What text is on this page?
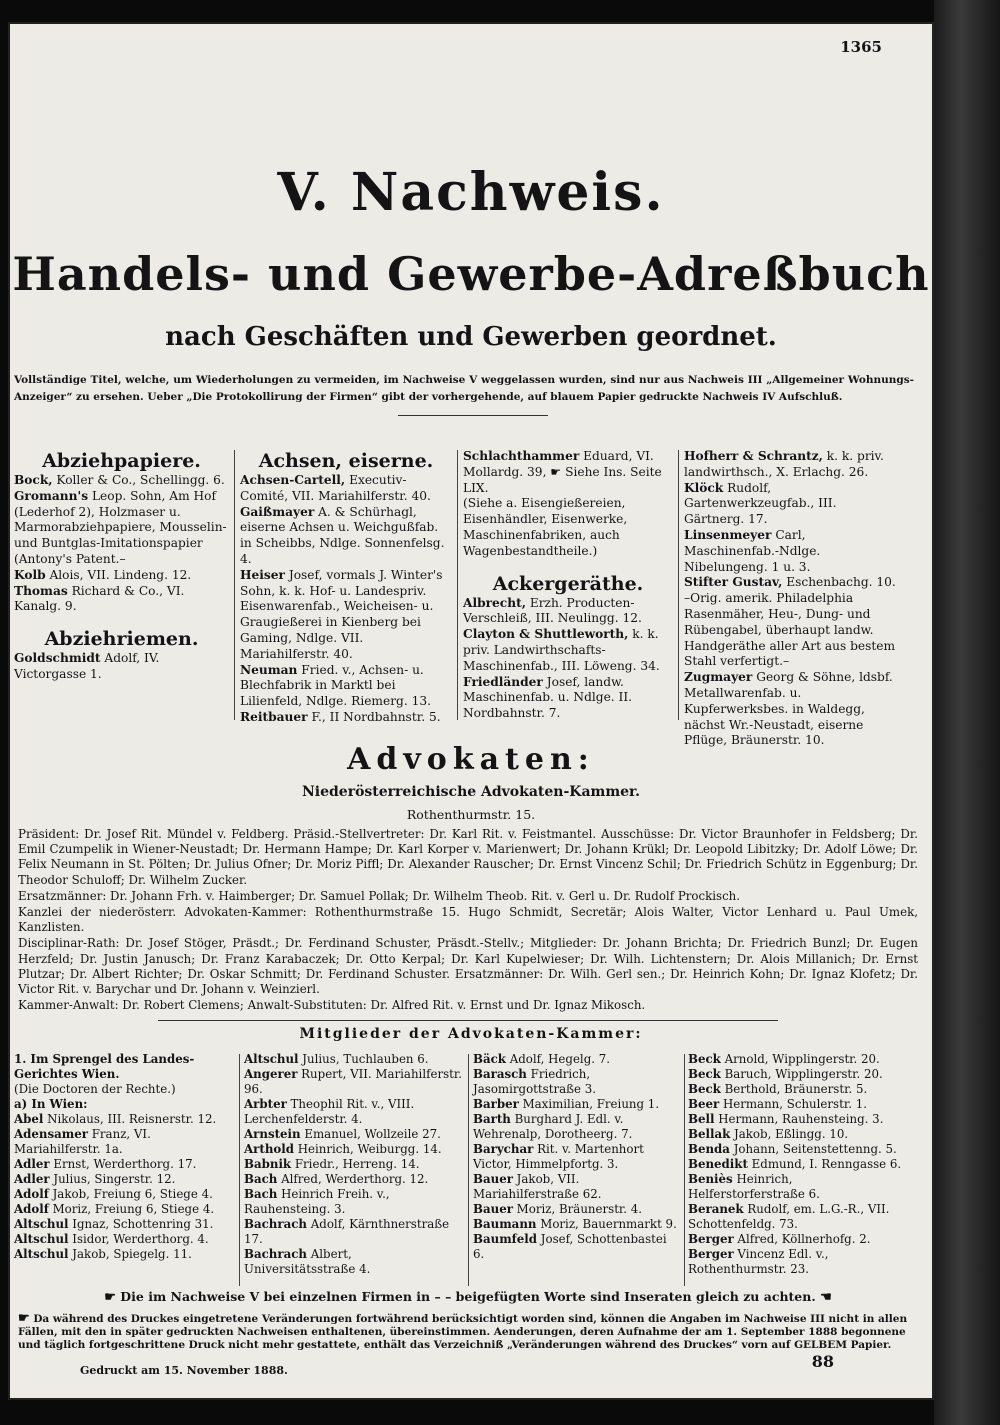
1365
V. Nachweis.
Handels- und Gewerbe-Adreßbuch
nach Geschäften und Gewerben geordnet.
Vollständige Titel, welche, um Wiederholungen zu vermeiden, im Nachweise V weggelassen wurden, sind nur aus Nachweis III „Allgemeiner Wohnungs-Anzeiger“ zu ersehen. Ueber „Die Protokollirung der Firmen“ gibt der vorhergehende, auf blauem Papier gedruckte Nachweis IV Aufschluß.
Abziehpapiere.

Bock, Koller & Co., Schellingg. 6.

Gromann's Leop. Sohn, Am Hof (Lederhof 2), Holzmaser u. Marmorabziehpapiere, Mousselin- und Buntglas-Imitationspapier (Antony's Patent.–

Kolb Alois, VII. Lindeng. 12.

Thomas Richard & Co., VI. Kanalg. 9.

Abziehriemen.

Goldschmidt Adolf, IV. Victorgasse 1.

Achsen, eiserne.

Achsen-Cartell, Executiv-Comité, VII. Mariahilferstr. 40.

Gaißmayer A. & Schürhagl, eiserne Achsen u. Weichgußfab. in Scheibbs, Ndlge. Sonnenfelsg. 4.

Heiser Josef, vormals J. Winter's Sohn, k. k. Hof- u. Landespriv. Eisenwarenfab., Weicheisen- u. Graugießerei in Kienberg bei Gaming, Ndlge. VII. Mariahilferstr. 40.

Neuman Fried. v., Achsen- u. Blechfabrik in Marktl bei Lilienfeld, Ndlge. Riemerg. 13.

Reitbauer F., II Nordbahnstr. 5.

Schlachthammer Eduard, VI. Mollardg. 39, ☛ Siehe Ins. Seite LIX.

(Siehe a. Eisengießereien, Eisenhändler, Eisenwerke, Maschinenfabriken, auch Wagenbestandtheile.)

Ackergeräthe.

Albrecht, Erzh. Producten-Verschleiß, III. Neulingg. 12.

Clayton & Shuttleworth, k. k. priv. Landwirthschafts-Maschinenfab., III. Löweng. 34.

Friedländer Josef, landw. Maschinenfab. u. Ndlge. II. Nordbahnstr. 7.

Hofherr & Schrantz, k. k. priv. landwirthsch., X. Erlachg. 26.

Klöck Rudolf, Gartenwerkzeugfab., III. Gärtnerg. 17.

Linsenmeyer Carl, Maschinenfab.-Ndlge. Nibelungeng. 1 u. 3.

Stifter Gustav, Eschenbachg. 10. –Orig. amerik. Philadelphia Rasenmäher, Heu-, Dung- und Rübengabel, überhaupt landw. Handgeräthe aller Art aus bestem Stahl verfertigt.–

Zugmayer Georg & Söhne, ldsbf. Metallwarenfab. u. Kupferwerksbes. in Waldegg, nächst Wr.-Neustadt, eiserne Pflüge, Bräunerstr. 10.

Advokaten:
Niederösterreichische Advokaten-Kammer.
Rothenthurmstr. 15.

Präsident: Dr. Josef Rit. Mündel v. Feldberg. Präsid.-Stellvertreter: Dr. Karl Rit. v. Feistmantel. Ausschüsse: Dr. Victor Braunhofer in Feldsberg; Dr. Emil Czumpelik in Wiener-Neustadt; Dr. Hermann Hampe; Dr. Karl Korper v. Marienwert; Dr. Johann Krükl; Dr. Leopold Libitzky; Dr. Adolf Löwe; Dr. Felix Neumann in St. Pölten; Dr. Julius Ofner; Dr. Moriz Piffl; Dr. Alexander Rauscher; Dr. Ernst Vincenz Schil; Dr. Friedrich Schütz in Eggenburg; Dr. Theodor Schuloff; Dr. Wilhelm Zucker.

Ersatzmänner: Dr. Johann Frh. v. Haimberger; Dr. Samuel Pollak; Dr. Wilhelm Theob. Rit. v. Gerl u. Dr. Rudolf Prockisch.

Kanzlei der niederösterr. Advokaten-Kammer: Rothenthurmstraße 15. Hugo Schmidt, Secretär; Alois Walter, Victor Lenhard u. Paul Umek, Kanzlisten.

Disciplinar-Rath: Dr. Josef Stöger, Präsdt.; Dr. Ferdinand Schuster, Präsdt.-Stellv.; Mitglieder: Dr. Johann Brichta; Dr. Friedrich Bunzl; Dr. Eugen Herzfeld; Dr. Justin Janusch; Dr. Franz Karabaczek; Dr. Otto Kerpal; Dr. Karl Kupelwieser; Dr. Wilh. Lichtenstern; Dr. Alois Millanich; Dr. Ernst Plutzar; Dr. Albert Richter; Dr. Oskar Schmitt; Dr. Ferdinand Schuster. Ersatzmänner: Dr. Wilh. Gerl sen.; Dr. Heinrich Kohn; Dr. Ignaz Klofetz; Dr. Victor Rit. v. Barychar und Dr. Johann v. Weinzierl.

Kammer-Anwalt: Dr. Robert Clemens; Anwalt-Substituten: Dr. Alfred Rit. v. Ernst und Dr. Ignaz Mikosch.

Mitglieder der Advokaten-Kammer:

1. Im Sprengel des Landes-Gerichtes Wien.

(Die Doctoren der Rechte.)

a) In Wien:

Abel Nikolaus, III. Reisnerstr. 12.

Adensamer Franz, VI. Mariahilferstr. 1a.

Adler Ernst, Werderthorg. 17.

Adler Julius, Singerstr. 12.

Adolf Jakob, Freiung 6, Stiege 4.

Adolf Moriz, Freiung 6, Stiege 4.

Altschul Ignaz, Schottenring 31.

Altschul Isidor, Werderthorg. 4.

Altschul Jakob, Spiegelg. 11.

Altschul Julius, Tuchlauben 6.

Angerer Rupert, VII. Mariahilferstr. 96.

Arbter Theophil Rit. v., VIII. Lerchenfelderstr. 4.

Arnstein Emanuel, Wollzeile 27.

Arthold Heinrich, Weiburgg. 14.

Babnik Friedr., Herreng. 14.

Bach Alfred, Werderthorg. 12.

Bach Heinrich Freih. v., Rauhensteing. 3.

Bachrach Adolf, Kärnthnerstraße 17.

Bachrach Albert, Universitätsstraße 4.

Bäck Adolf, Hegelg. 7.

Barasch Friedrich, Jasomirgottstraße 3.

Barber Maximilian, Freiung 1.

Barth Burghard J. Edl. v. Wehrenalp, Dorotheerg. 7.

Barychar Rit. v. Martenhort Victor, Himmelpfortg. 3.

Bauer Jakob, VII. Mariahilferstraße 62.

Bauer Moriz, Bräunerstr. 4.

Baumann Moriz, Bauernmarkt 9.

Baumfeld Josef, Schottenbastei 6.

Beck Arnold, Wipplingerstr. 20.

Beck Baruch, Wipplingerstr. 20.

Beck Berthold, Bräunerstr. 5.

Beer Hermann, Schulerstr. 1.

Bell Hermann, Rauhensteing. 3.

Bellak Jakob, Eßlingg. 10.

Benda Johann, Seitenstettenng. 5.

Benedikt Edmund, I. Renngasse 6.

Beniès Heinrich, Helferstorferstraße 6.

Beranek Rudolf, em. L.G.-R., VII. Schottenfeldg. 73.

Berger Alfred, Köllnerhofg. 2.

Berger Vincenz Edl. v., Rothenthurmstr. 23.

☛ Die im Nachweise V bei einzelnen Firmen in – – beigefügten Worte sind Inseraten gleich zu achten. ☚
☛ Da während des Druckes eingetretene Veränderungen fortwährend berücksichtigt worden sind, können die Angaben im Nachweise III nicht in allen Fällen, mit den in später gedruckten Nachweisen enthaltenen, übereinstimmen. Aenderungen, deren Aufnahme der am 1. September 1888 begonnene und täglich fortgeschrittene Druck nicht mehr gestattete, enthält das Verzeichniß „Veränderungen während des Druckes“ vorn auf GELBEM Papier.
Gedruckt am 15. November 1888.	88
